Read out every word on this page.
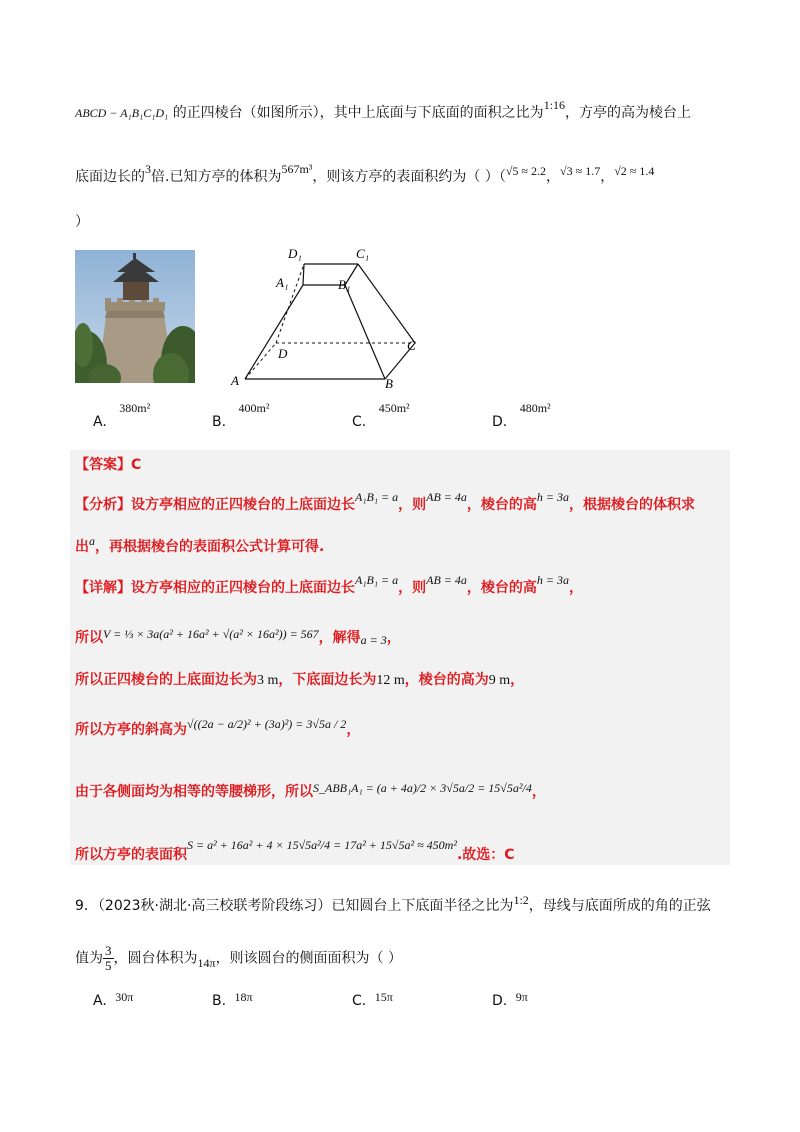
ABCD − A₁B₁C₁D₁ 的正四棱台（如图所示），其中上底面与下底面的面积之比为1:16，方亭的高为棱台上
底面边长的3倍.已知方亭的体积为567m³，则该方亭的表面积约为（ ）（√5 ≈ 2.2，√3 ≈ 1.7，√2 ≈ 1.4
）
D₁	C₁
A₁	B₁
D
C
A	B
A. 380m²
B. 400m²
C. 450m²
D. 480m²
【答案】C
【分析】设方亭相应的正四棱台的上底面边长A₁B₁ = a，则AB = 4a，棱台的高h = 3a，根据棱台的体积求
出a，再根据棱台的表面积公式计算可得.
【详解】设方亭相应的正四棱台的上底面边长A₁B₁ = a，则AB = 4a，棱台的高h = 3a，
所以V = ⅓ × 3a(a² + 16a² + √(a² × 16a²)) = 567，解得a = 3，
所以正四棱台的上底面边长为3 m，下底面边长为12 m，棱台的高为9 m，
所以方亭的斜高为√((2a − a/2)² + (3a)²) = 3√5a / 2，
由于各侧面均为相等的等腰梯形，所以S_ABB₁A₁ = (a + 4a)/2 × 3√5a/2 = 15√5a²/4，
所以方亭的表面积S = a² + 16a² + 4 × 15√5a²/4 = 17a² + 15√5a² ≈ 450m².故选：C
9．（2023秋·湖北·高三校联考阶段练习）已知圆台上下底面半径之比为1:2，母线与底面所成的角的正弦
值为 $\frac{3}{5}$ ，圆台体积为14π，则该圆台的侧面面积为（ ）
A. 30π	B. 18π	C. 15π	D. 9π
